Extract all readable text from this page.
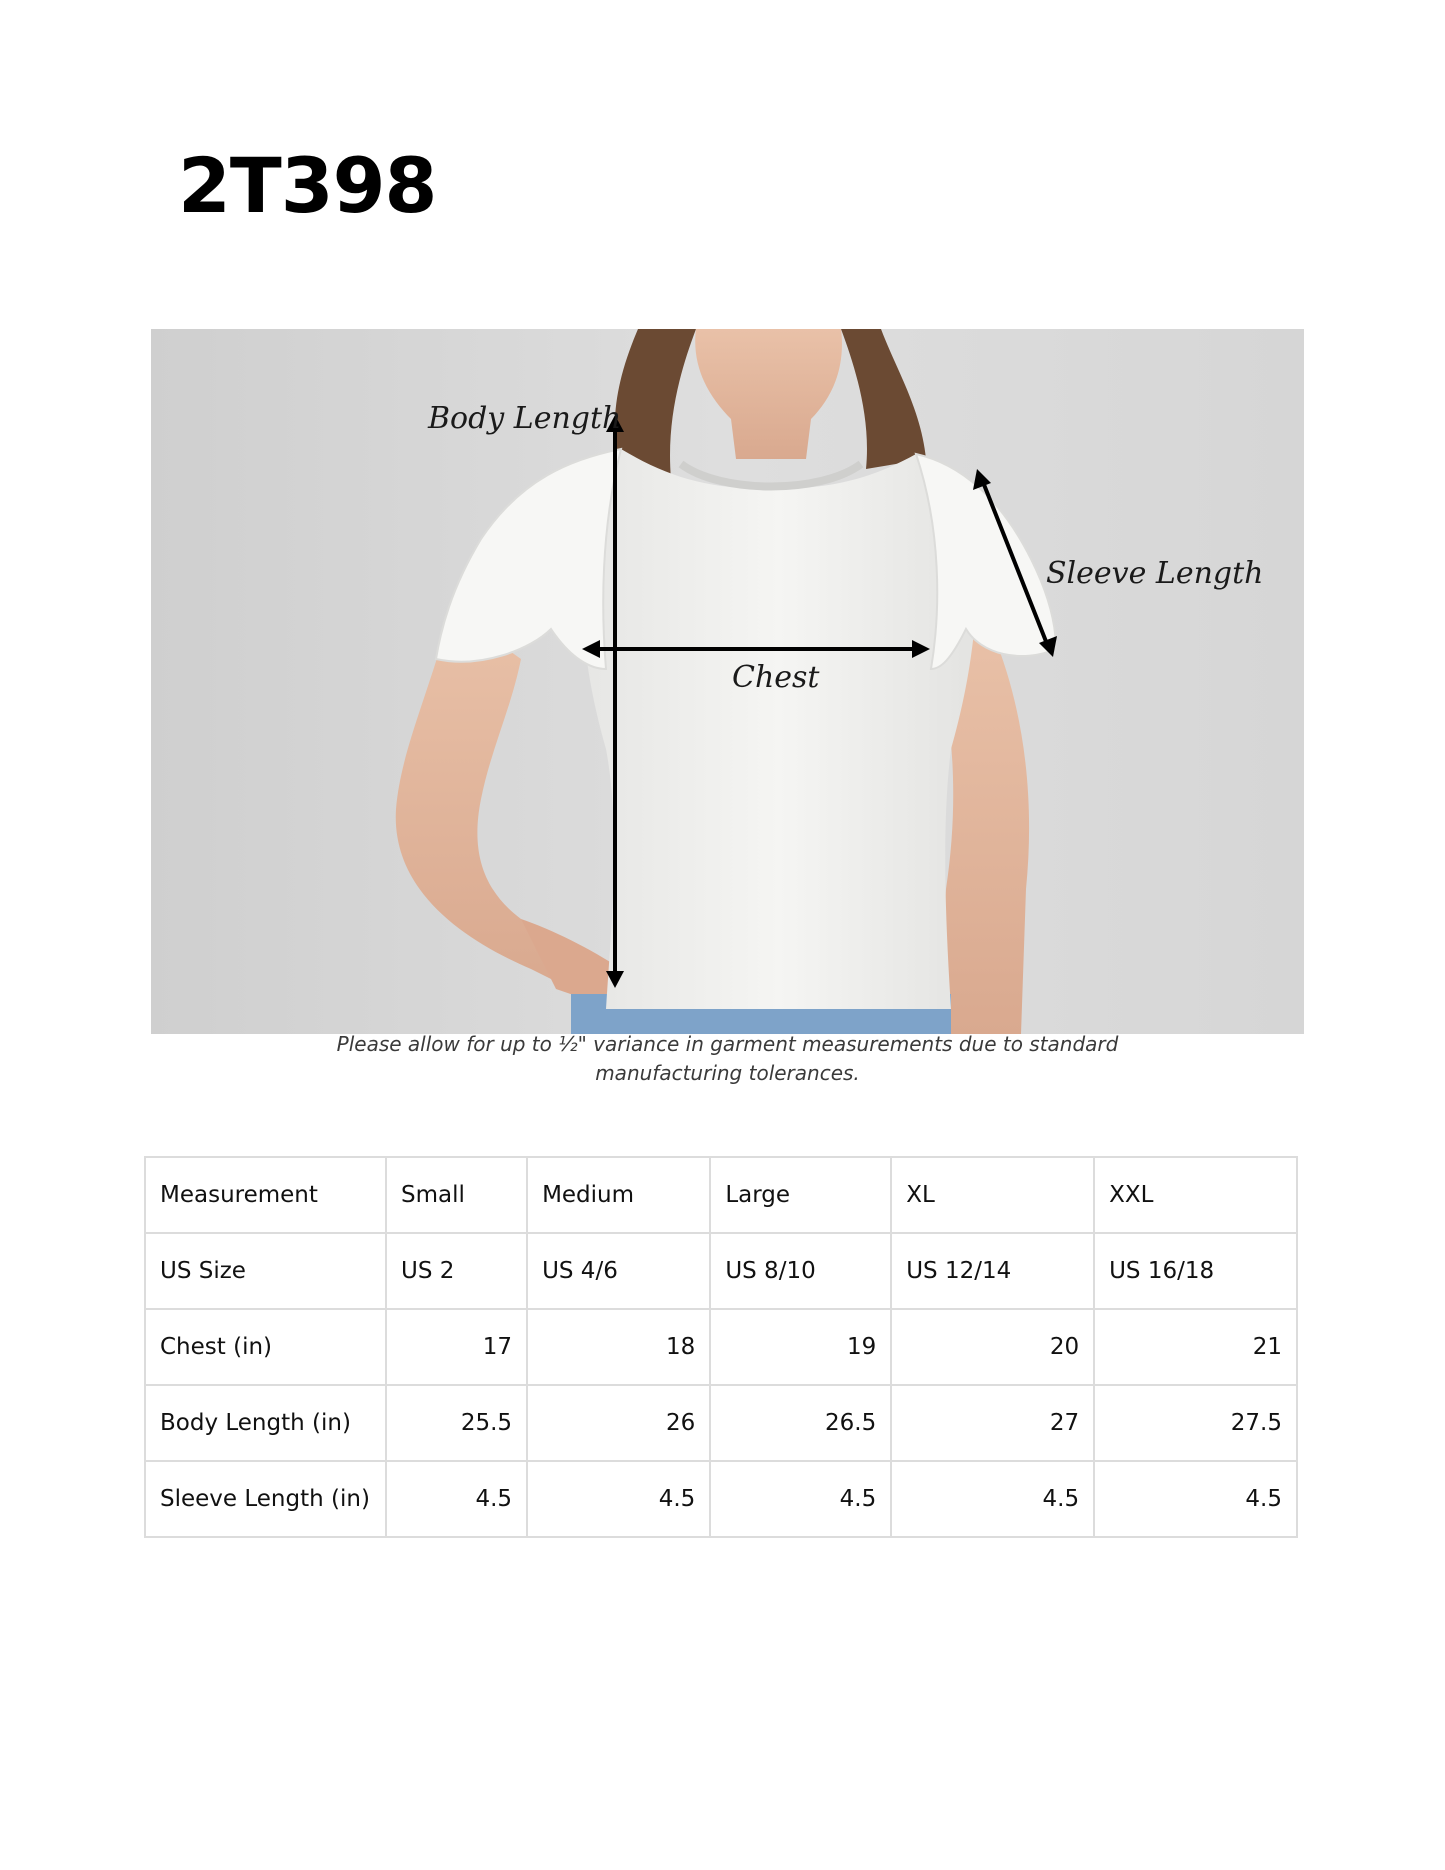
2T398
Body Length
Sleeve Length
Chest
Please allow for up to ½" variance in garment measurements due to standard
manufacturing tolerances.
Measurement	Small	Medium	Large	XL	XXL
US Size	US 2	US 4/6	US 8/10	US 12/14	US 16/18
Chest (in)	17	18	19	20	21
Body Length (in)	25.5	26	26.5	27	27.5
Sleeve Length (in)	4.5	4.5	4.5	4.5	4.5
